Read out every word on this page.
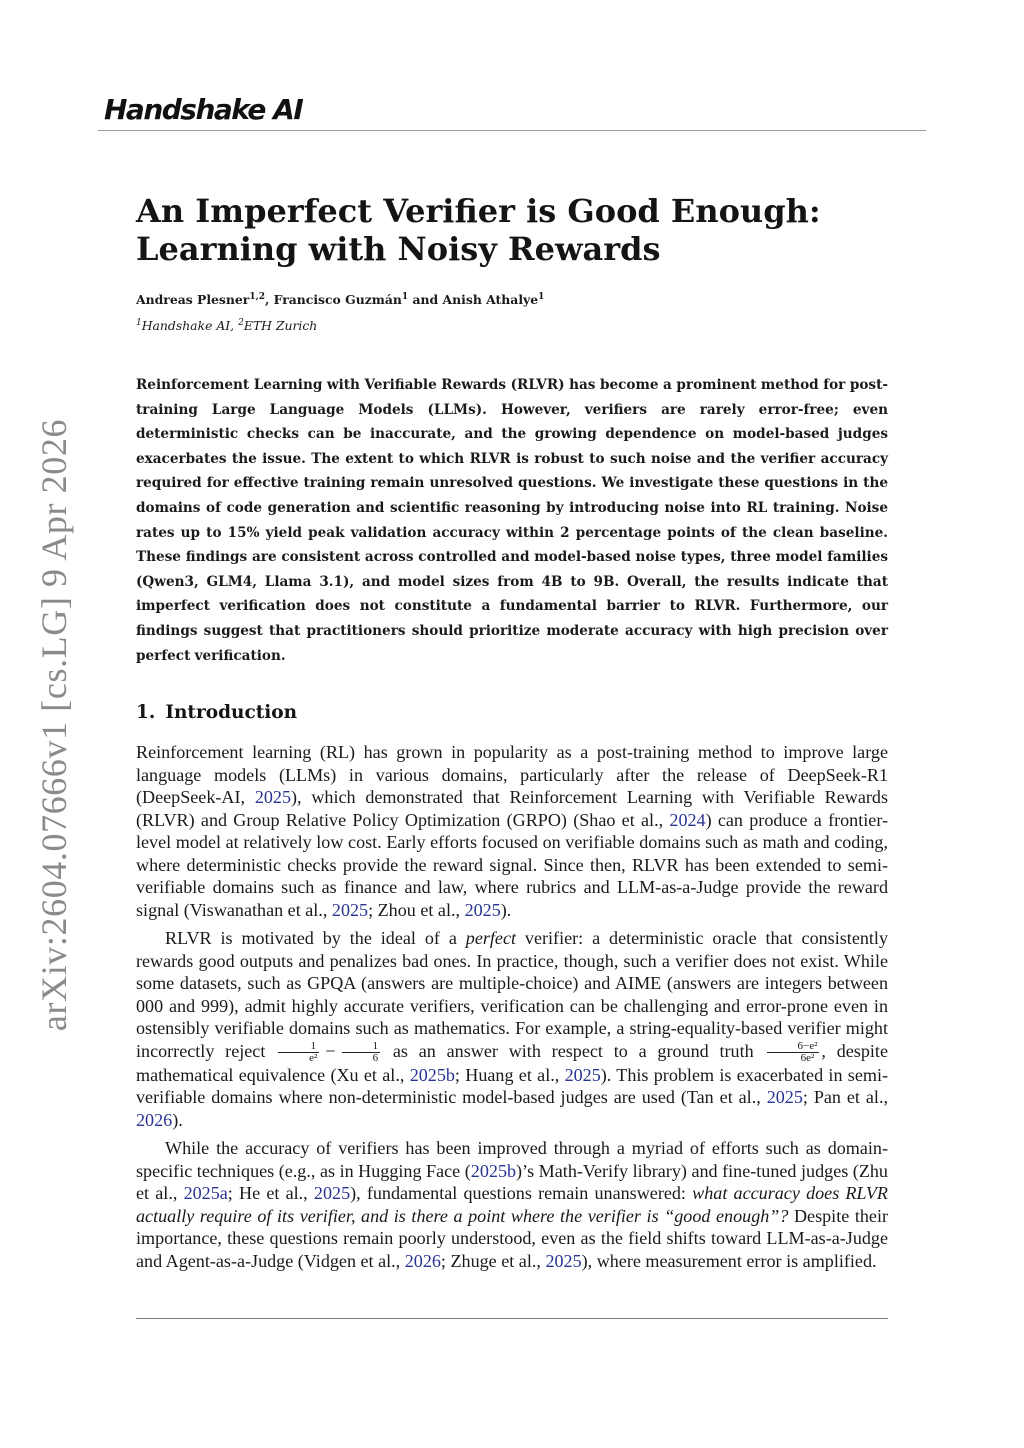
Handshake AI
arXiv:2604.07666v1 [cs.LG] 9 Apr 2026
An Imperfect Verifier is Good Enough:
Learning with Noisy Rewards
Andreas Plesner$^{1,2}$, Francisco Guzmán$^1$ and Anish Athalye$^1$
$^1$Handshake AI, $^2$ETH Zurich

Reinforcement Learning with Verifiable Rewards (RLVR) has become a prominent method for post-training Large Language Models (LLMs). However, verifiers are rarely error-free; even deterministic checks can be inaccurate, and the growing dependence on model-based judges exacerbates the issue. The extent to which RLVR is robust to such noise and the verifier accuracy required for effective training remain unresolved questions. We investigate these questions in the domains of code generation and scientific reasoning by introducing noise into RL training. Noise rates up to 15% yield peak validation accuracy within 2 percentage points of the clean baseline. These findings are consistent across controlled and model-based noise types, three model families (Qwen3, GLM4, Llama 3.1), and model sizes from 4B to 9B. Overall, the results indicate that imperfect verification does not constitute a fundamental barrier to RLVR. Furthermore, our findings suggest that practitioners should prioritize moderate accuracy with high precision over perfect verification.

1. Introduction

Reinforcement learning (RL) has grown in popularity as a post-training method to improve large language models (LLMs) in various domains, particularly after the release of DeepSeek-R1 (DeepSeek-AI, 2025), which demonstrated that Reinforcement Learning with Verifiable Rewards (RLVR) and Group Relative Policy Optimization (GRPO) (Shao et al., 2024) can produce a frontier-level model at relatively low cost. Early efforts focused on verifiable domains such as math and coding, where deterministic checks provide the reward signal. Since then, RLVR has been extended to semi-verifiable domains such as finance and law, where rubrics and LLM-as-a-Judge provide the reward signal (Viswanathan et al., 2025; Zhou et al., 2025).

RLVR is motivated by the ideal of a perfect verifier: a deterministic oracle that consistently rewards good outputs and penalizes bad ones. In practice, though, such a verifier does not exist. While some datasets, such as GPQA (answers are multiple-choice) and AIME (answers are integers between 000 and 999), admit highly accurate verifiers, verification can be challenging and error-prone even in ostensibly verifiable domains such as mathematics. For example, a string-equality-based verifier might incorrectly reject $\frac{1}{\text{e²}} - \frac{1}{6}$ as an answer with respect to a ground truth $\frac{\text{6−e²}}{\text{6e²}}$ , despite mathematical equivalence (Xu et al., 2025b; Huang et al., 2025). This problem is exacerbated in semi-verifiable domains where non-deterministic model-based judges are used (Tan et al., 2025; Pan et al., 2026).

While the accuracy of verifiers has been improved through a myriad of efforts such as domain-specific techniques (e.g., as in Hugging Face (2025b)’s Math-Verify library) and fine-tuned judges (Zhu et al., 2025a; He et al., 2025), fundamental questions remain unanswered: what accuracy does RLVR actually require of its verifier, and is there a point where the verifier is “good enough”? Despite their importance, these questions remain poorly understood, even as the field shifts toward LLM-as-a-Judge and Agent-as-a-Judge (Vidgen et al., 2026; Zhuge et al., 2025), where measurement error is amplified.
